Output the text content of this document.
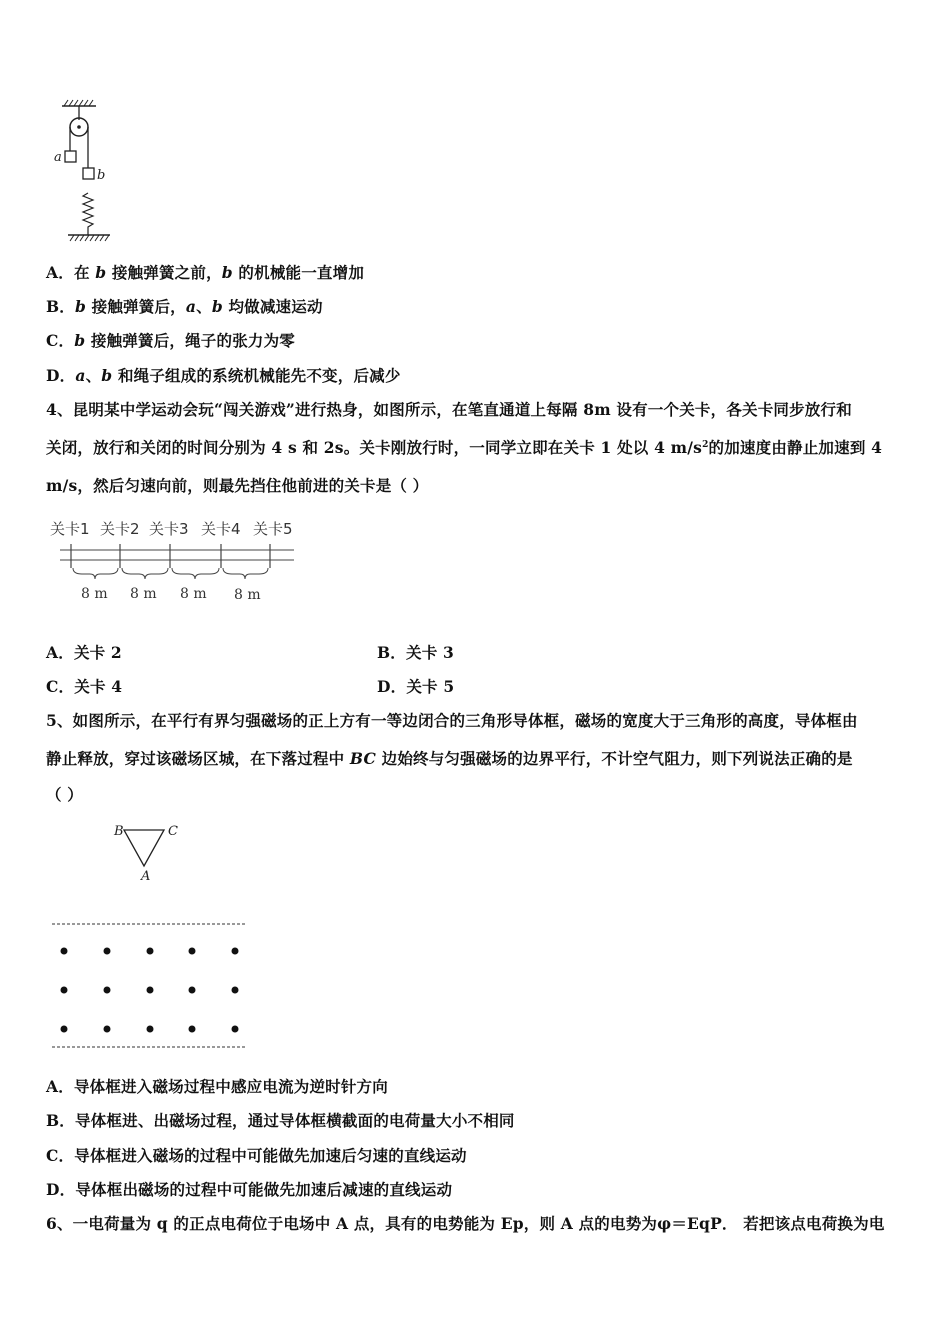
a
b
A．在 b 接触弹簧之前，b 的机械能一直增加
B．b 接触弹簧后，a、b 均做减速运动
C．b 接触弹簧后，绳子的张力为零
D．a、b 和绳子组成的系统机械能先不变，后减少
4、昆明某中学运动会玩“闯关游戏”进行热身，如图所示，在笔直通道上每隔 8m 设有一个关卡，各关卡同步放行和
关闭，放行和关闭的时间分别为 4 s 和 2s。关卡刚放行时，一同学立即在关卡 1 处以 4 $m/s^2$的加速度由静止加速到 4
m/s，然后匀速向前，则最先挡住他前进的关卡是（ ）
关卡1 关卡2 关卡3 关卡4 关卡5
8 m 8 m 8 m 8 m
A．关卡 2	B．关卡 3
C．关卡 4	D．关卡 5
5、如图所示，在平行有界匀强磁场的正上方有一等边闭合的三角形导体框，磁场的宽度大于三角形的高度，导体框由
静止释放，穿过该磁场区城，在下落过程中 BC 边始终与匀强磁场的边界平行，不计空气阻力，则下列说法正确的是
（ ）
B	C
A
A．导体框进入磁场过程中感应电流为逆时针方向
B．导体框进、出磁场过程，通过导体框横截面的电荷量大小不相同
C．导体框进入磁场的过程中可能做先加速后匀速的直线运动
D．导体框出磁场的过程中可能做先加速后减速的直线运动
6、一电荷量为 q 的正点电荷位于电场中 A 点，具有的电势能为 Ep，则 A 点的电势为φ＝EqP． 若把该点电荷换为电
